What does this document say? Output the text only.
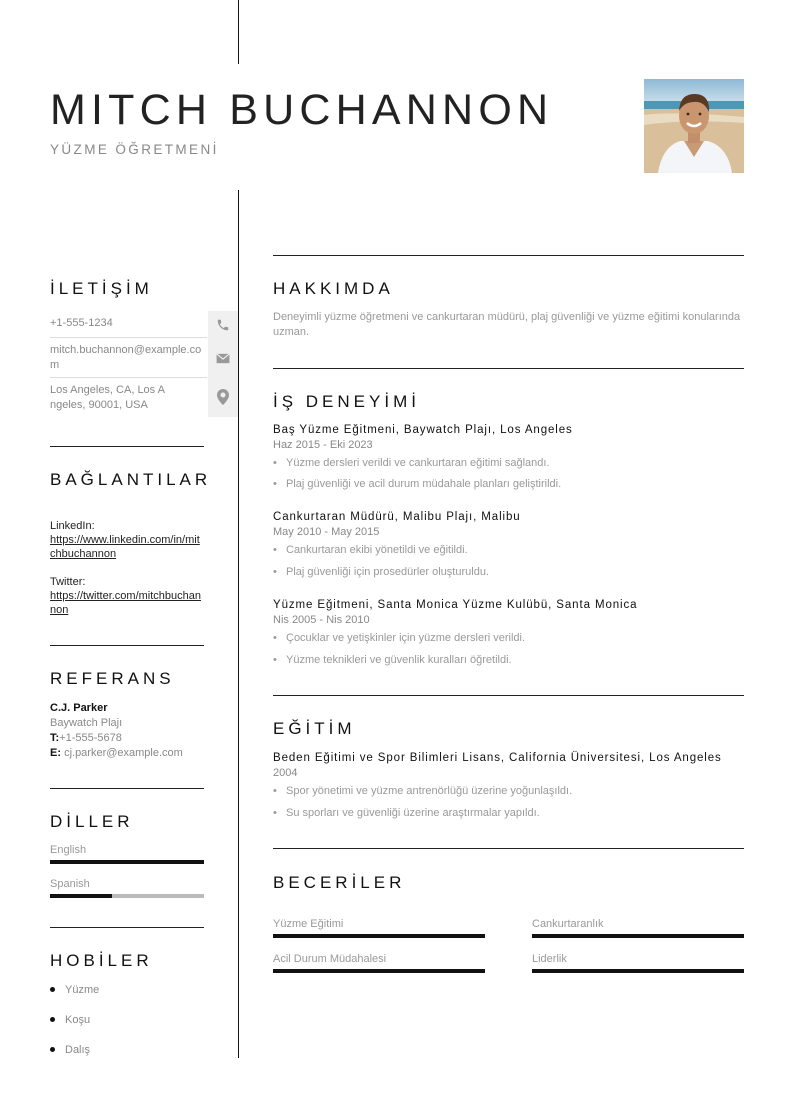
MITCH BUCHANNON
YÜZME ÖĞRETMENİ
İLETİŞİM
+1-555-1234
mitch.buchannon@example.com
Los Angeles, CA, Los Angeles, 90001, USA
BAĞLANTILAR
LinkedIn:
https://www.linkedin.com/in/mitchbuchannon
Twitter:
https://twitter.com/mitchbuchannon
REFERANS
C.J. Parker
Baywatch Plajı
T:+1-555-5678
E: cj.parker@example.com
DİLLER
English
Spanish
HOBİLER
Yüzme
Koşu
Dalış
HAKKIMDA
Deneyimli yüzme öğretmeni ve cankurtaran müdürü, plaj güvenliği ve yüzme eğitimi konularında uzman.
İŞ DENEYİMİ
Baş Yüzme Eğitmeni, Baywatch Plajı, Los Angeles
Haz 2015 - Eki 2023
• Yüzme dersleri verildi ve cankurtaran eğitimi sağlandı.
• Plaj güvenliği ve acil durum müdahale planları geliştirildi.
Cankurtaran Müdürü, Malibu Plajı, Malibu
May 2010 - May 2015
• Cankurtaran ekibi yönetildi ve eğitildi.
• Plaj güvenliği için prosedürler oluşturuldu.
Yüzme Eğitmeni, Santa Monica Yüzme Kulübü, Santa Monica
Nis 2005 - Nis 2010
• Çocuklar ve yetişkinler için yüzme dersleri verildi.
• Yüzme teknikleri ve güvenlik kuralları öğretildi.
EĞİTİM
Beden Eğitimi ve Spor Bilimleri Lisans, California Üniversitesi, Los Angeles
2004
• Spor yönetimi ve yüzme antrenörlüğü üzerine yoğunlaşıldı.
• Su sporları ve güvenliği üzerine araştırmalar yapıldı.
BECERİLER
Yüzme Eğitimi	Cankurtaranlık
Acil Durum Müdahalesi	Liderlik
